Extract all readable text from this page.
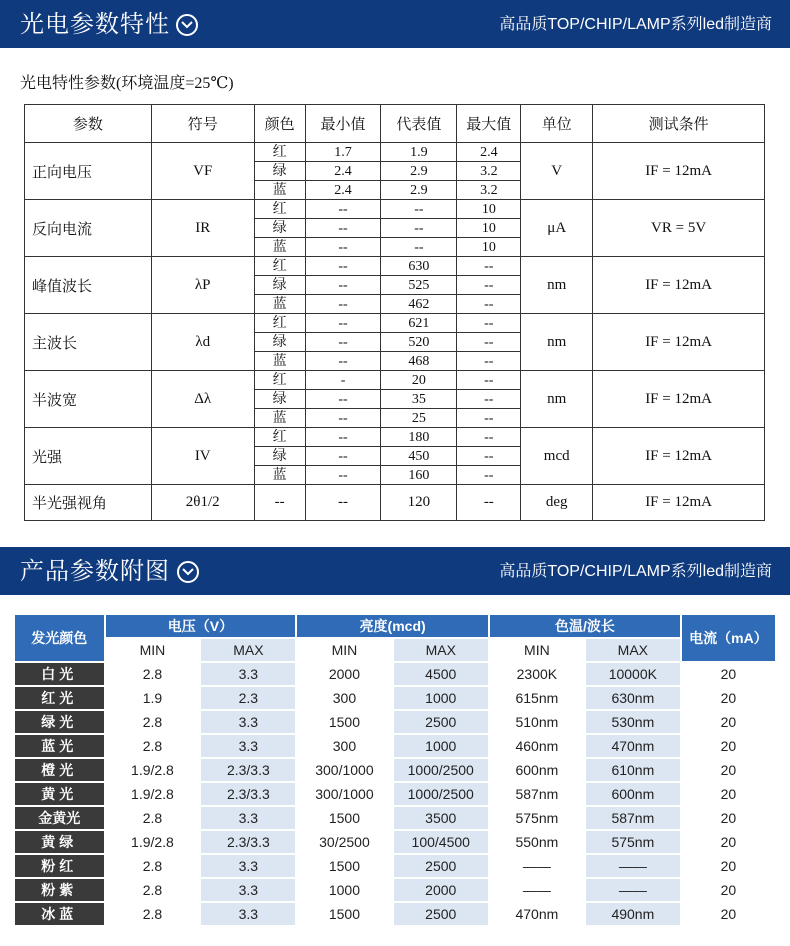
光电参数特性	高品质TOP/CHIP/LAMP系列led制造商
光电特性参数(环境温度=25℃)
参数	符号	颜色	最小值	代表值	最大值	单位	测试条件
正向电压	VF	红	1.7	1.9	2.4	V	IF = 12mA
		绿	2.4	2.9	3.2		
		蓝	2.4	2.9	3.2		
反向电流	IR	红	--	--	10	μA	VR = 5V
		绿	--	--	10		
		蓝	--	--	10		
峰值波长	λP	红	--	630	--	nm	IF = 12mA
		绿	--	525	--		
		蓝	--	462	--		
主波长	λd	红	--	621	--	nm	IF = 12mA
		绿	--	520	--		
		蓝	--	468	--		
半波宽	Δλ	红	-	20	--	nm	IF = 12mA
		绿	--	35	--		
		蓝	--	25	--		
光强	IV	红	--	180	--	mcd	IF = 12mA
		绿	--	450	--		
		蓝	--	160	--		
半光强视角	2θ1/2	--	--	120	--	deg	IF = 12mA
产品参数附图	高品质TOP/CHIP/LAMP系列led制造商
发光颜色	电压（V）		亮度(mcd)		色温/波长		电流（mA）
	MIN	MAX	MIN	MAX	MIN	MAX	
白光	2.8	3.3	2000	4500	2300K	10000K	20
红光	1.9	2.3	300	1000	615nm	630nm	20
绿光	2.8	3.3	1500	2500	510nm	530nm	20
蓝光	2.8	3.3	300	1000	460nm	470nm	20
橙光	1.9/2.8	2.3/3.3	300/1000	1000/2500	600nm	610nm	20
黄光	1.9/2.8	2.3/3.3	300/1000	1000/2500	587nm	600nm	20
金黄光	2.8	3.3	1500	3500	575nm	587nm	20
黄绿	1.9/2.8	2.3/3.3	30/2500	100/4500	550nm	575nm	20
粉红	2.8	3.3	1500	2500	——	——	20
粉紫	2.8	3.3	1000	2000	——	——	20
冰蓝	2.8	3.3	1500	2500	470nm	490nm	20
